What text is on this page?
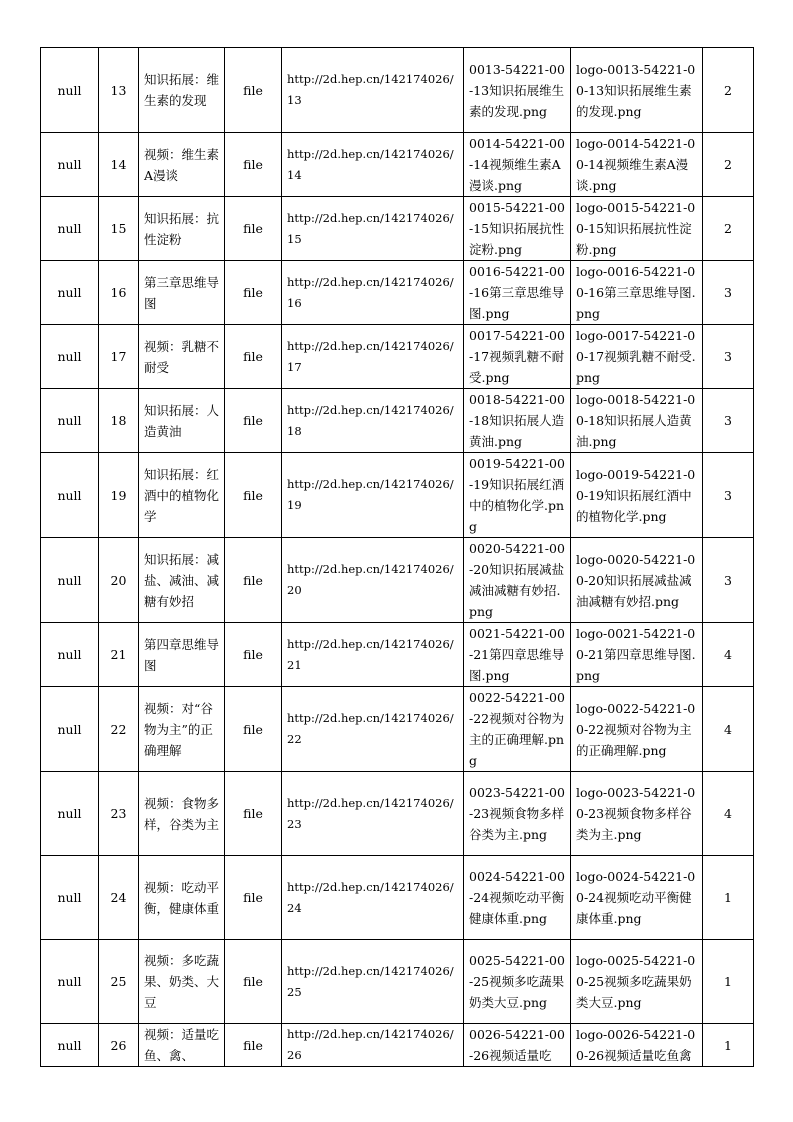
null	13	知识拓展：维生素的发现	file	http://2d.hep.cn/142174026/13	0013-54221-00-13知识拓展维生素的发现.png	logo-0013-54221-00-13知识拓展维生素的发现.png	2
null	14	视频：维生素A漫谈	file	http://2d.hep.cn/142174026/14	0014-54221-00-14视频维生素A漫谈.png	logo-0014-54221-00-14视频维生素A漫谈.png	2
null	15	知识拓展：抗性淀粉	file	http://2d.hep.cn/142174026/15	0015-54221-00-15知识拓展抗性淀粉.png	logo-0015-54221-00-15知识拓展抗性淀粉.png	2
null	16	第三章思维导图	file	http://2d.hep.cn/142174026/16	0016-54221-00-16第三章思维导图.png	logo-0016-54221-00-16第三章思维导图.png	3
null	17	视频：乳糖不耐受	file	http://2d.hep.cn/142174026/17	0017-54221-00-17视频乳糖不耐受.png	logo-0017-54221-00-17视频乳糖不耐受.png	3
null	18	知识拓展：人造黄油	file	http://2d.hep.cn/142174026/18	0018-54221-00-18知识拓展人造黄油.png	logo-0018-54221-00-18知识拓展人造黄油.png	3
null	19	知识拓展：红酒中的植物化学	file	http://2d.hep.cn/142174026/19	0019-54221-00-19知识拓展红酒中的植物化学.png	logo-0019-54221-00-19知识拓展红酒中的植物化学.png	3
null	20	知识拓展：减盐、减油、减糖有妙招	file	http://2d.hep.cn/142174026/20	0020-54221-00-20知识拓展减盐减油减糖有妙招.png	logo-0020-54221-00-20知识拓展减盐减油减糖有妙招.png	3
null	21	第四章思维导图	file	http://2d.hep.cn/142174026/21	0021-54221-00-21第四章思维导图.png	logo-0021-54221-00-21第四章思维导图.png	4
null	22	视频：对“谷物为主”的正确理解	file	http://2d.hep.cn/142174026/22	0022-54221-00-22视频对谷物为主的正确理解.png	logo-0022-54221-00-22视频对谷物为主的正确理解.png	4
null	23	视频：食物多样，谷类为主	file	http://2d.hep.cn/142174026/23	0023-54221-00-23视频食物多样谷类为主.png	logo-0023-54221-00-23视频食物多样谷类为主.png	4
null	24	视频：吃动平衡，健康体重	file	http://2d.hep.cn/142174026/24	0024-54221-00-24视频吃动平衡健康体重.png	logo-0024-54221-00-24视频吃动平衡健康体重.png	1
null	25	视频：多吃蔬果、奶类、大豆	file	http://2d.hep.cn/142174026/25	0025-54221-00-25视频多吃蔬果奶类大豆.png	logo-0025-54221-00-25视频多吃蔬果奶类大豆.png	1
null	26	视频：适量吃鱼、禽、	file	http://2d.hep.cn/142174026/26	0026-54221-00-26视频适量吃	logo-0026-54221-00-26视频适量吃鱼禽	1
